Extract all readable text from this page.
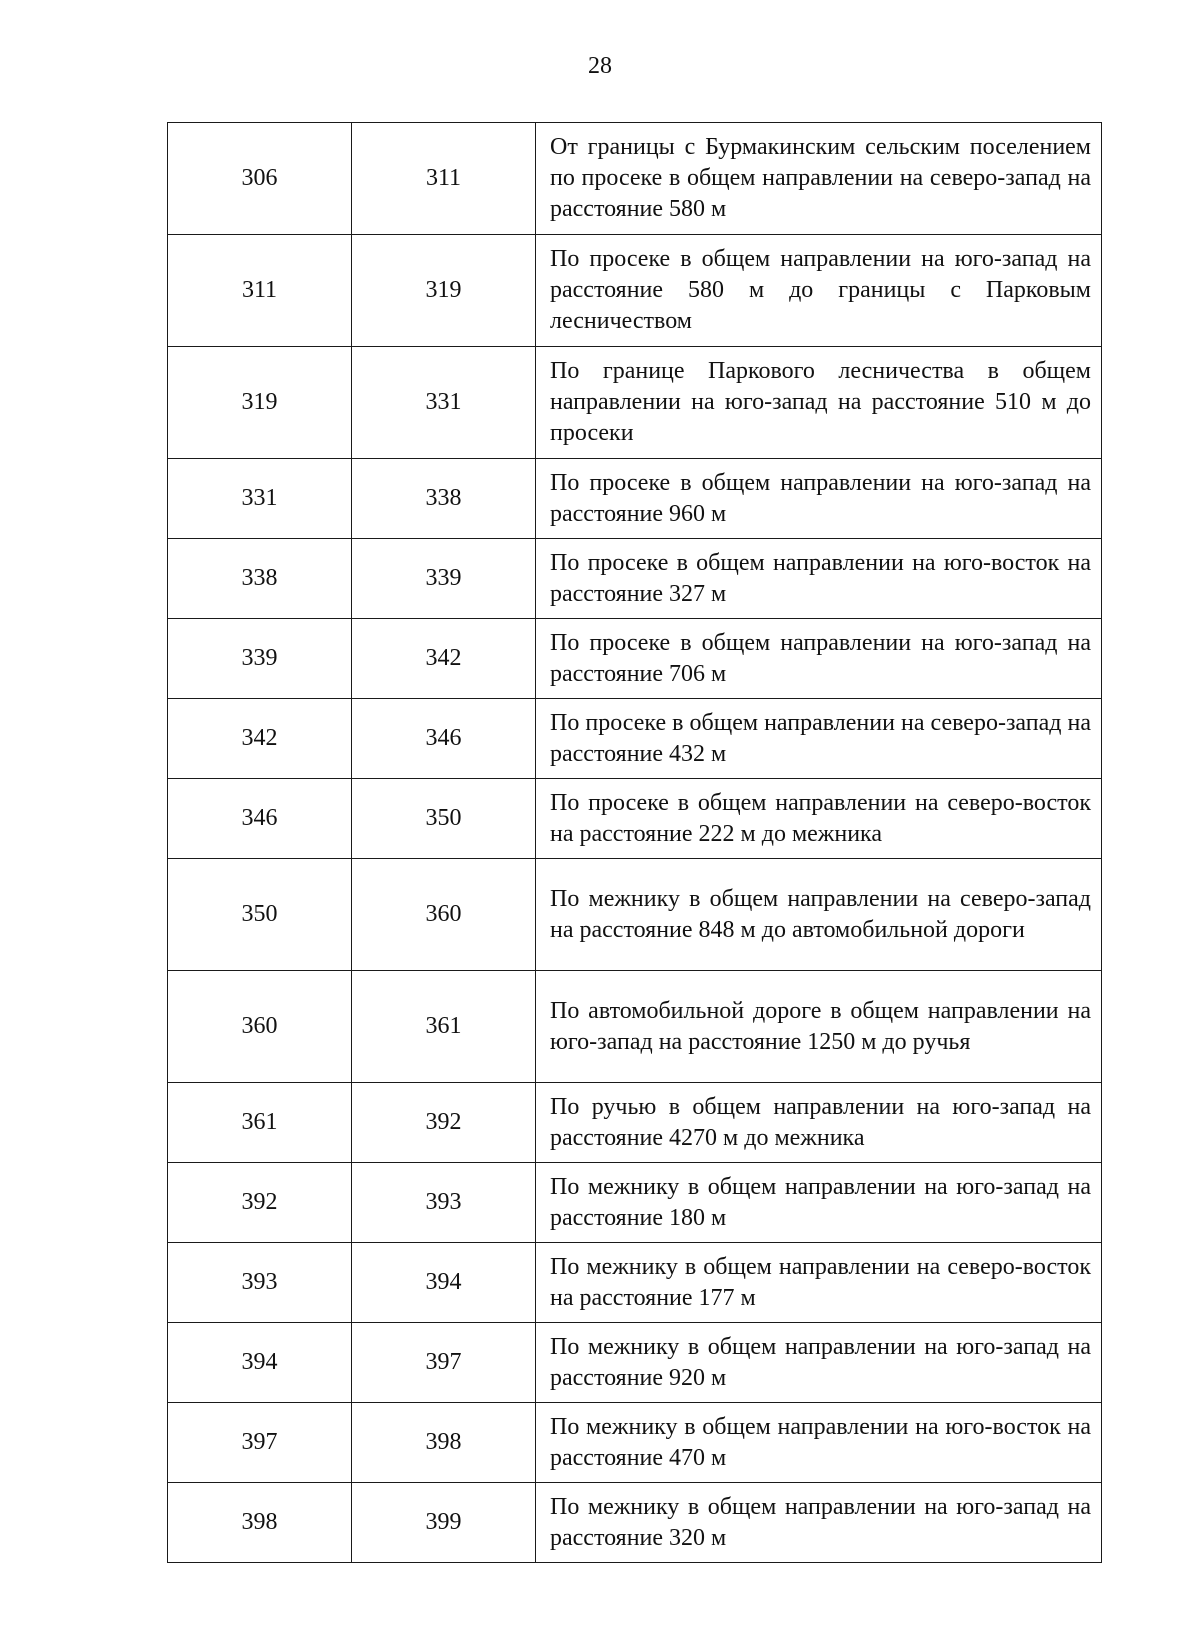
28
306	311	От границы с Бурмакинским сельским поселением по просеке в общем направлении на северо-запад на расстояние 580 м
311	319	По просеке в общем направлении на юго-запад на расстояние 580 м до границы с Парковым лесничеством
319	331	По границе Паркового лесничества в общем направлении на юго-запад на расстояние 510 м до просеки
331	338	По просеке в общем направлении на юго-запад на расстояние 960 м
338	339	По просеке в общем направлении на юго-восток на расстояние 327 м
339	342	По просеке в общем направлении на юго-запад на расстояние 706 м
342	346	По просеке в общем направлении на северо-запад на расстояние 432 м
346	350	По просеке в общем направлении на северо-восток на расстояние 222 м до межника
350	360	По межнику в общем направлении на северо-запад на расстояние 848 м до автомобильной дороги
360	361	По автомобильной дороге в общем направлении на юго-запад на расстояние 1250 м до ручья
361	392	По ручью в общем направлении на юго-запад на расстояние 4270 м до межника
392	393	По межнику в общем направлении на юго-запад на расстояние 180 м
393	394	По межнику в общем направлении на северо-восток на расстояние 177 м
394	397	По межнику в общем направлении на юго-запад на расстояние 920 м
397	398	По межнику в общем направлении на юго-восток на расстояние 470 м
398	399	По межнику в общем направлении на юго-запад на расстояние 320 м
